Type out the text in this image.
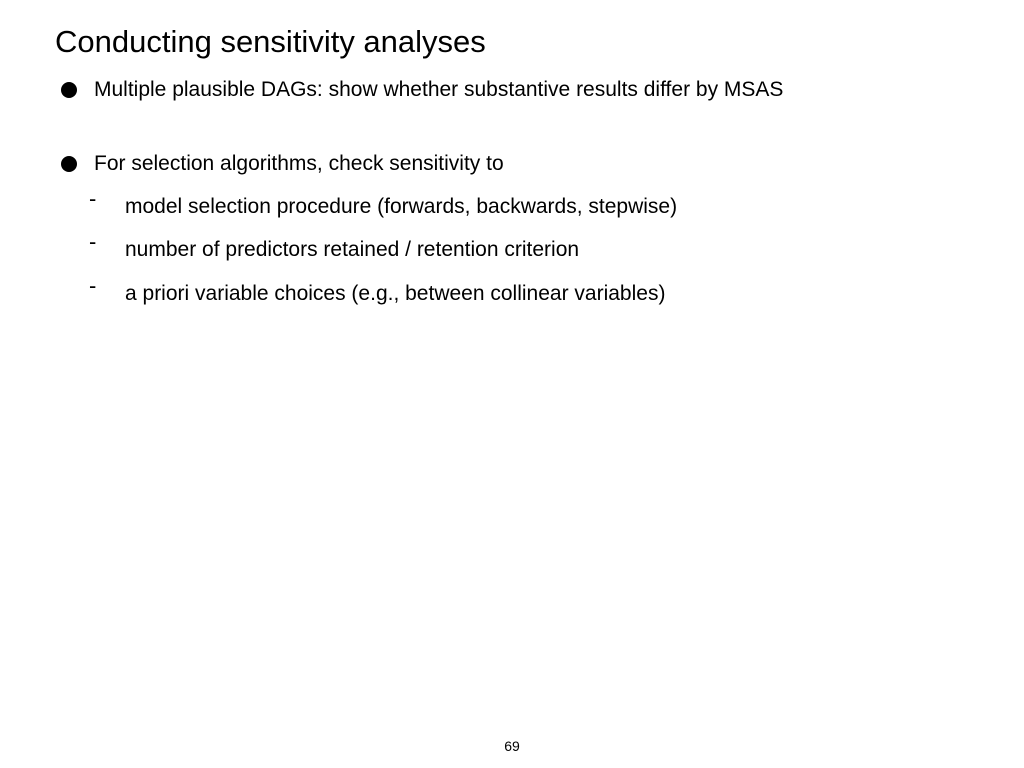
Conducting sensitivity analyses
Multiple plausible DAGs: show whether substantive results differ by MSAS
For selection algorithms, check sensitivity to
- model selection procedure (forwards, backwards, stepwise)
- number of predictors retained / retention criterion
- a priori variable choices (e.g., between collinear variables)
69
